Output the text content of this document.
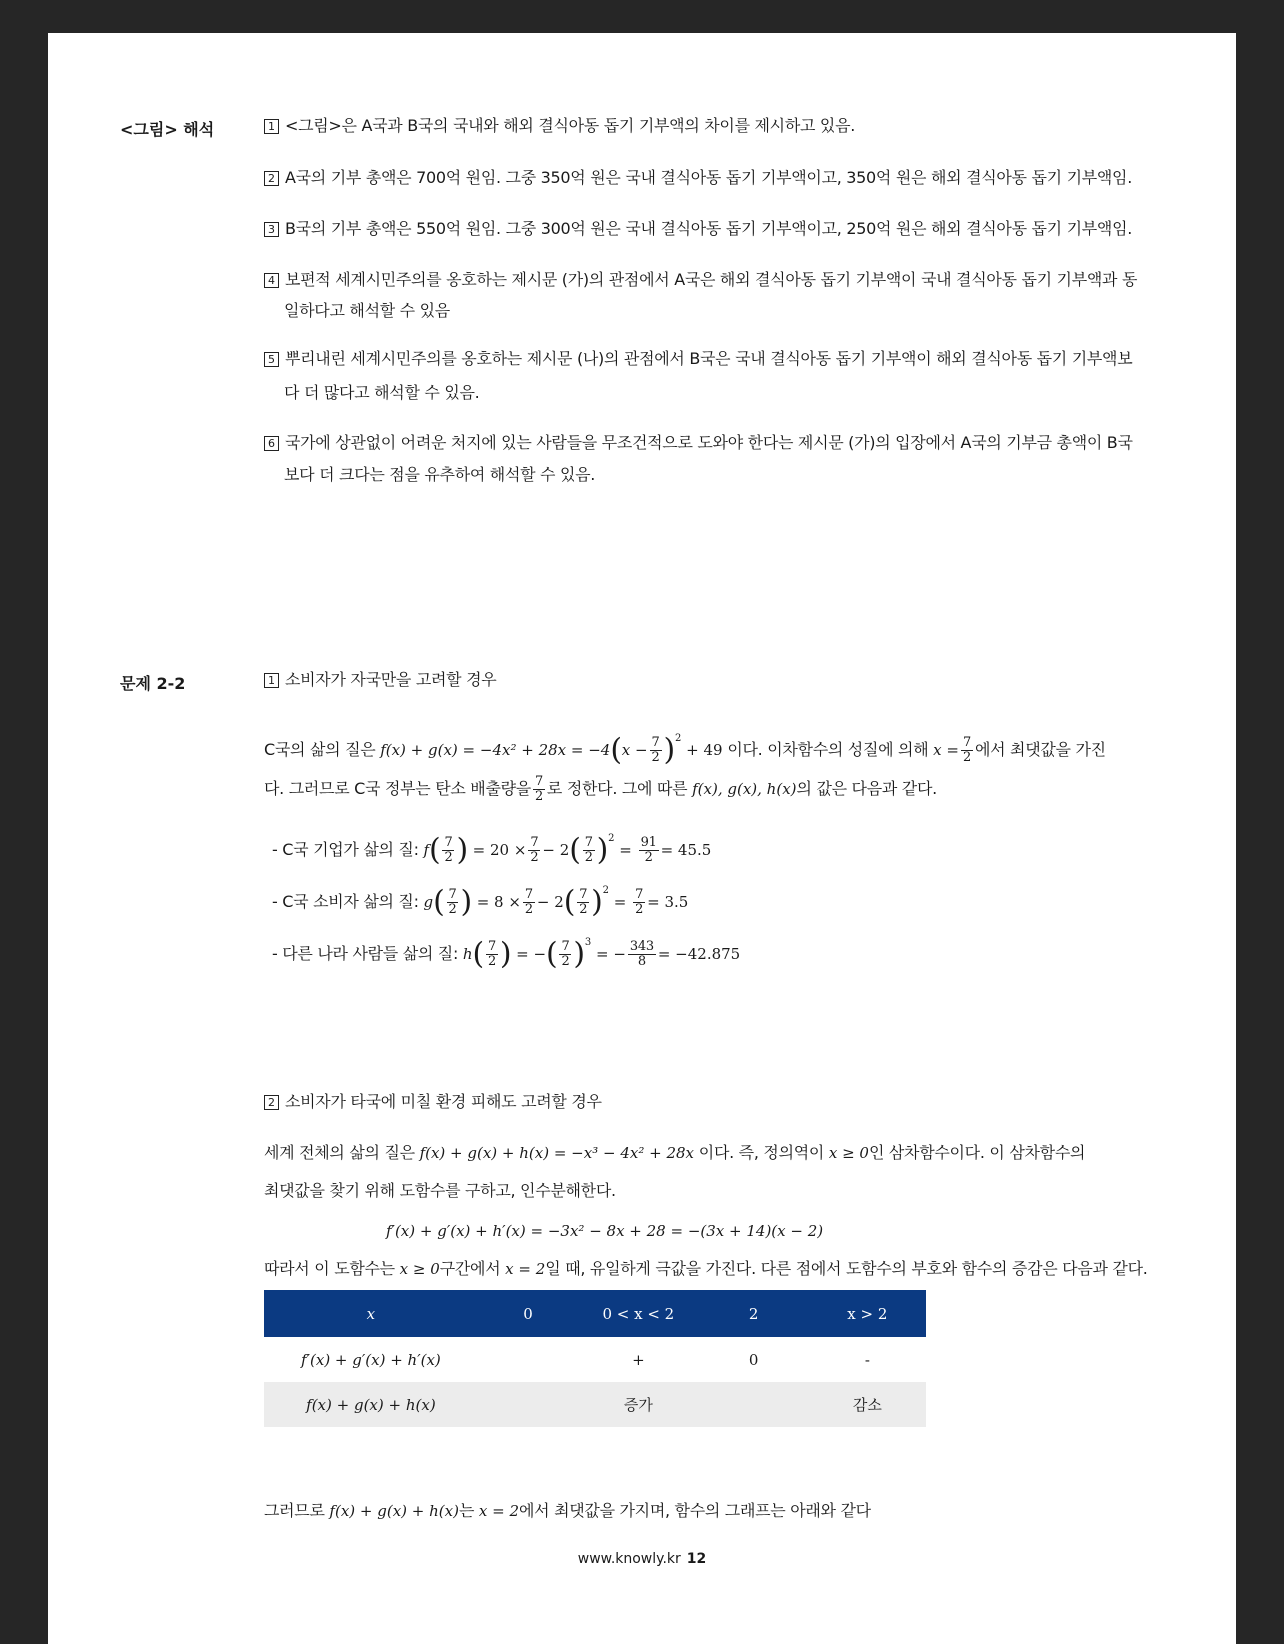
<그림> 해석	1 <그림>은 A국과 B국의 국내와 해외 결식아동 돕기 기부액의 차이를 제시하고 있음.
2 A국의 기부 총액은 700억 원임. 그중 350억 원은 국내 결식아동 돕기 기부액이고, 350억 원은 해외 결식아동 돕기 기부액임.
3 B국의 기부 총액은 550억 원임. 그중 300억 원은 국내 결식아동 돕기 기부액이고, 250억 원은 해외 결식아동 돕기 기부액임.
4 보편적 세계시민주의를 옹호하는 제시문 (가)의 관점에서 A국은 해외 결식아동 돕기 기부액이 국내 결식아동 돕기 기부액과 동
일하다고 해석할 수 있음
5 뿌리내린 세계시민주의를 옹호하는 제시문 (나)의 관점에서 B국은 국내 결식아동 돕기 기부액이 해외 결식아동 돕기 기부액보
다 더 많다고 해석할 수 있음.
6 국가에 상관없이 어려운 처지에 있는 사람들을 무조건적으로 도와야 한다는 제시문 (가)의 입장에서 A국의 기부금 총액이 B국
보다 더 크다는 점을 유추하여 해석할 수 있음.
문제 2-2	1 소비자가 자국만을 고려할 경우
C국의 삶의 질은 $f(x) + g(x) = -4x^2 + 28x = -4(x - \frac{7}{2} )^2 + 49$ 이다. 이차함수의 성질에 의해 $x = \frac{7}{2}$ 에서 최댓값을 가진
다. 그러므로 C국 정부는 탄소 배출량을 $\frac{7}{2}$ 로 정한다. 그에 따른 f(x), g(x), h(x)의 값은 다음과 같다.
- C국 기업가 삶의 질: $f( \frac{7}{2}$ ) = $20 \times \frac{7}{2} - 2( \frac{7}{2} )^2 = \frac{91}{2} = 45.5$
- C국 소비자 삶의 질: $g( \frac{7}{2}$ ) = $8 \times \frac{7}{2} - 2( \frac{7}{2} )^2 = \frac{7}{2} = 3.5$
- 다른 나라 사람들 삶의 질: $h( \frac{7}{2}$ ) = −( $\frac{7}{2} )^3$ = − $\frac{343}{8} = -42.875$
2 소비자가 타국에 미칠 환경 피해도 고려할 경우
세계 전체의 삶의 질은 f(x) + g(x) + h(x) = −x³ − 4x² + 28x 이다. 즉, 정의역이 x ≥ 0인 삼차함수이다. 이 삼차함수의
최댓값을 찾기 위해 도함수를 구하고, 인수분해한다.
f′(x) + g′(x) + h′(x) = −3x² − 8x + 28 = −(3x + 14)(x − 2)
따라서 이 도함수는 x ≥ 0구간에서 x = 2일 때, 유일하게 극값을 가진다. 다른 점에서 도함수의 부호와 함수의 증감은 다음과 같다.
x	0	0 < x < 2	2	x > 2
f′(x) + g′(x) + h′(x)		+	0	-
f(x) + g(x) + h(x)		증가		감소
그러므로 f(x) + g(x) + h(x)는 x = 2에서 최댓값을 가지며, 함수의 그래프는 아래와 같다
www.knowly.kr 12
